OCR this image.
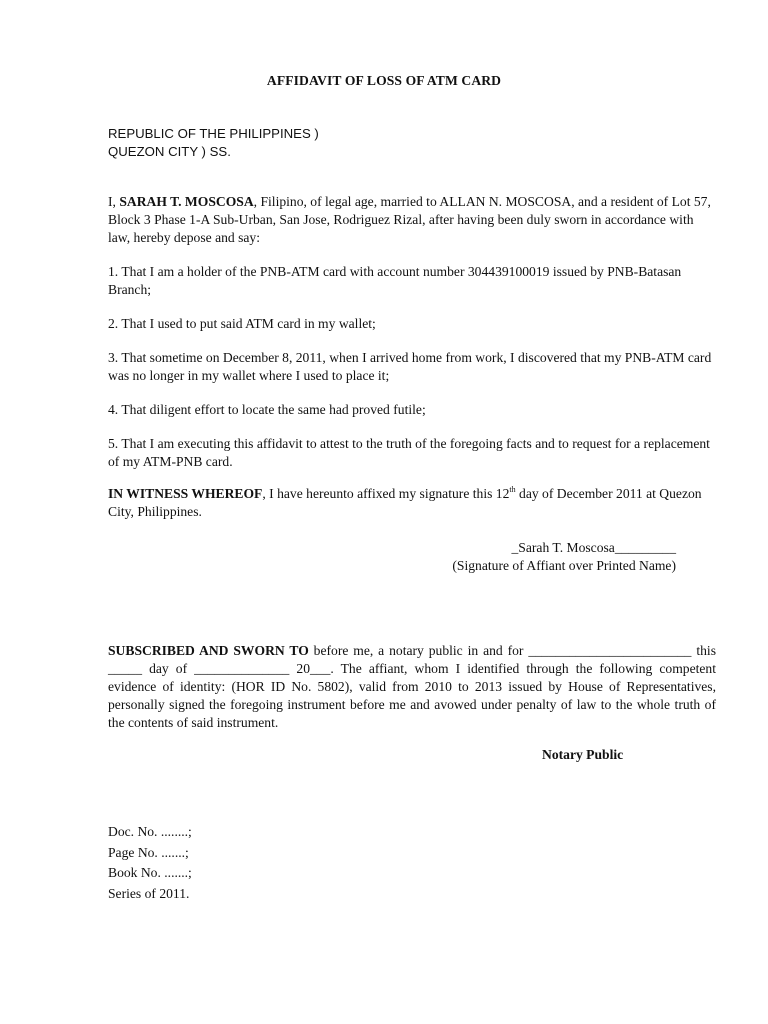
AFFIDAVIT OF LOSS OF ATM CARD
REPUBLIC OF THE PHILIPPINES )
QUEZON CITY ) SS.

I, SARAH T. MOSCOSA, Filipino, of legal age, married to ALLAN N. MOSCOSA, and a resident of Lot 57, Block 3 Phase 1-A Sub-Urban, San Jose, Rodriguez Rizal, after having been duly sworn in accordance with law, hereby depose and say:

1. That I am a holder of the PNB-ATM card with account number 304439100019 issued by PNB-Batasan Branch;

2. That I used to put said ATM card in my wallet;

3. That sometime on December 8, 2011, when I arrived home from work, I discovered that my PNB-ATM card was no longer in my wallet where I used to place it;

4. That diligent effort to locate the same had proved futile;

5. That I am executing this affidavit to attest to the truth of the foregoing facts and to request for a replacement of my ATM-PNB card.

IN WITNESS WHEREOF, I have hereunto affixed my signature this 12th day of December 2011 at Quezon City, Philippines.

_Sarah T. Moscosa_________
(Signature of Affiant over Printed Name)

SUBSCRIBED AND SWORN TO before me, a notary public in and for ________________________ this _____ day of ______________ 20___. The affiant, whom I identified through the following competent evidence of identity: (HOR ID No. 5802), valid from 2010 to 2013 issued by House of Representatives, personally signed the foregoing instrument before me and avowed under penalty of law to the whole truth of the contents of said instrument.

Notary Public
Doc. No. ........;
Page No. .......;
Book No. .......;
Series of 2011.
